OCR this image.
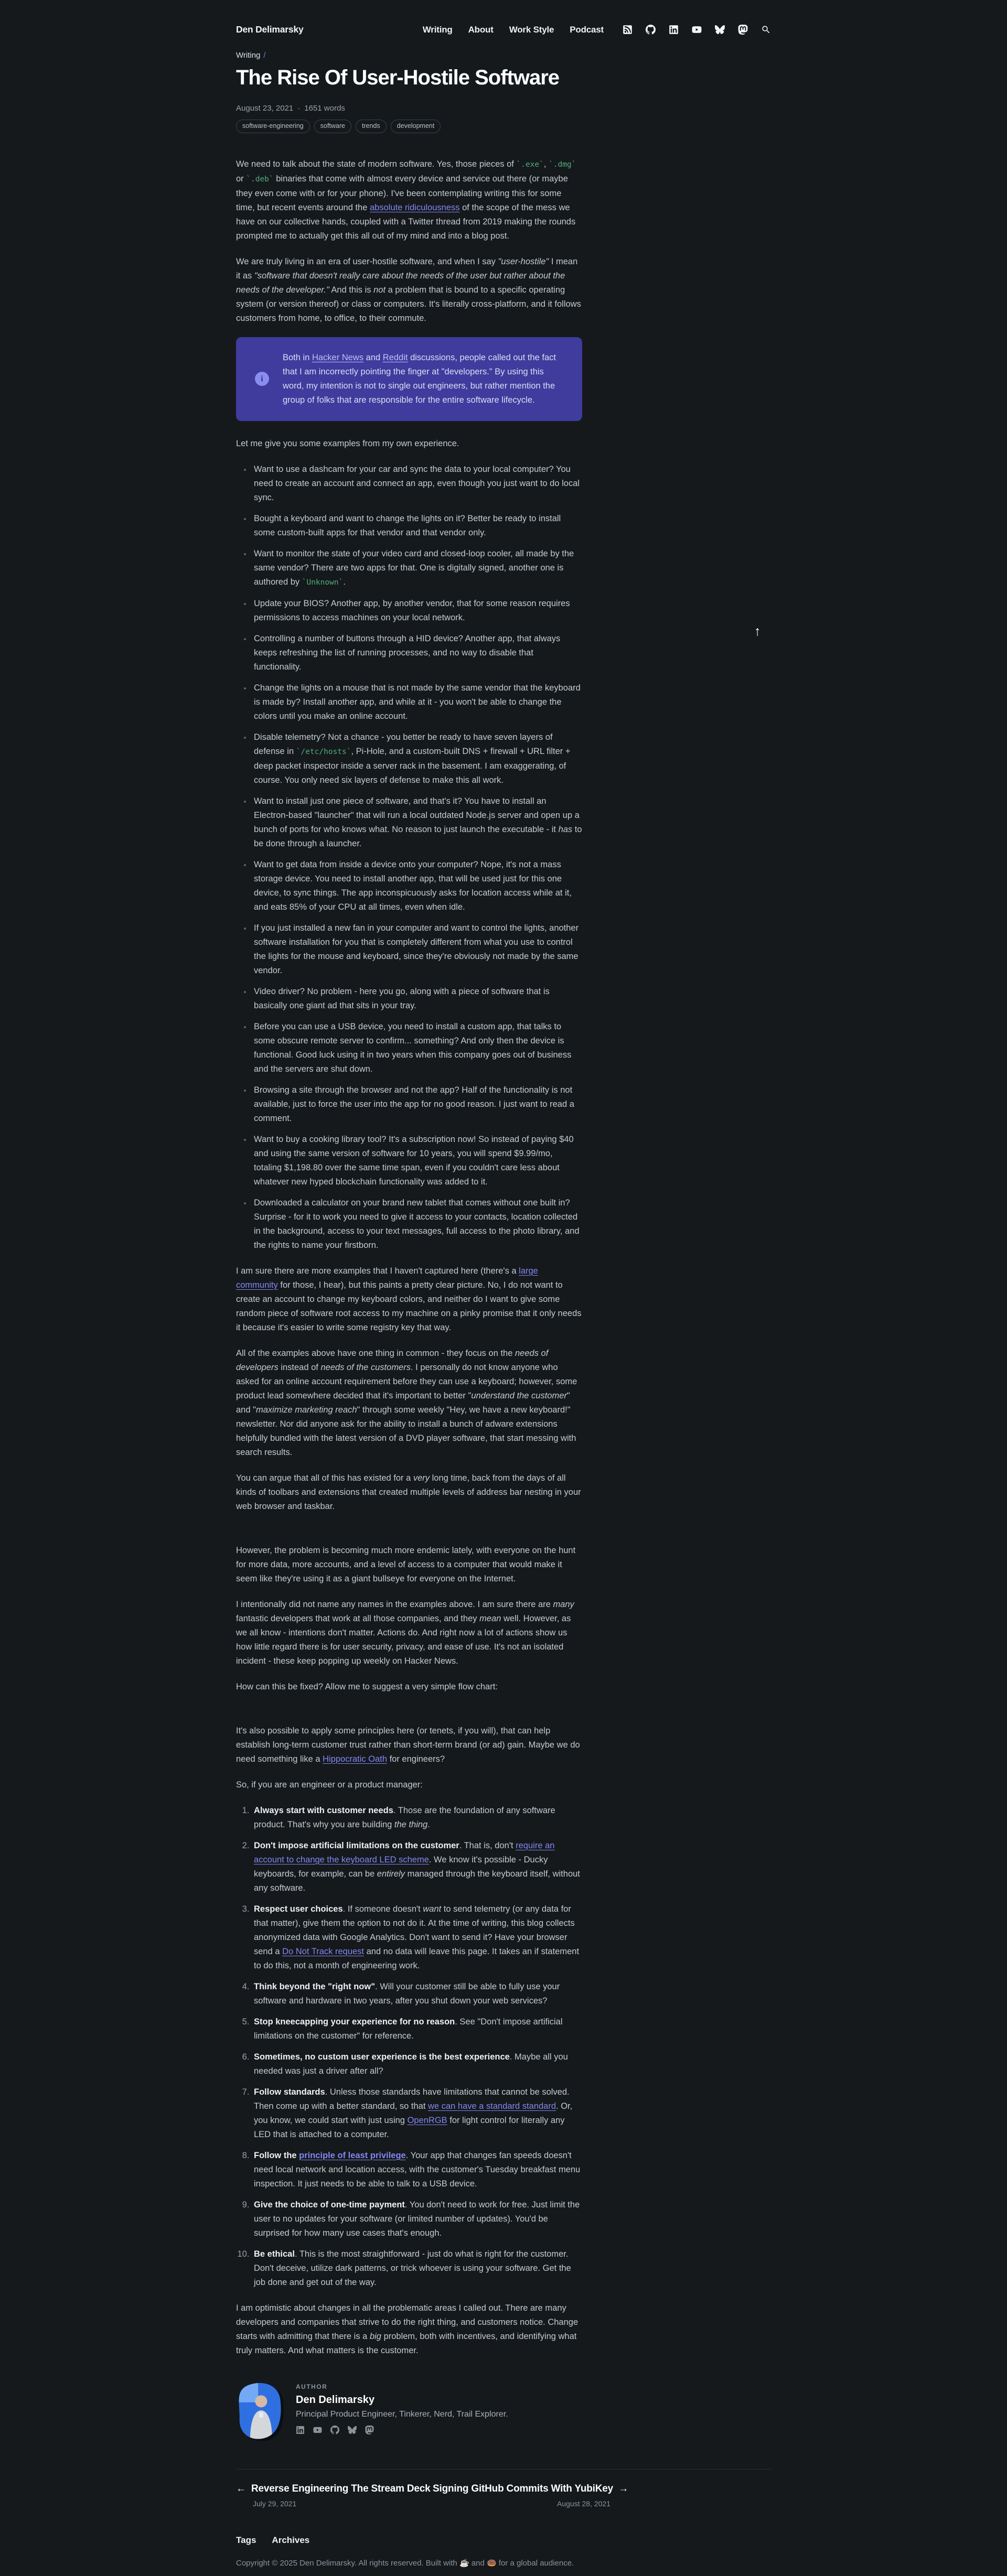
Den Delimarsky	Writing About Work Style Podcast
Writing /
The Rise Of User-Hostile Software
August 23, 2021 · 1651 words
software-engineering	software	trends	development

We need to talk about the state of modern software. Yes, those pieces of `.exe`, `.dmg` or `.deb` binaries that come with almost every device and service out there (or maybe they even come with or for your phone). I've been contemplating writing this for some time, but recent events around the absolute ridiculousness of the scope of the mess we have on our collective hands, coupled with a Twitter thread from 2019 making the rounds prompted me to actually get this all out of my mind and into a blog post.

We are truly living in an era of user-hostile software, and when I say "user-hostile" I mean it as "software that doesn't really care about the needs of the user but rather about the needs of the developer." And this is not a problem that is bound to a specific operating system (or version thereof) or class or computers. It's literally cross-platform, and it follows customers from home, to office, to their commute.

i
Both in Hacker News and Reddit discussions, people called out the fact that I am incorrectly pointing the finger at "developers." By using this word, my intention is not to single out engineers, but rather mention the group of folks that are responsible for the entire software lifecycle.

Let me give you some examples from my own experience.

• Want to use a dashcam for your car and sync the data to your local computer? You need to create an account and connect an app, even though you just want to do local sync.
• Bought a keyboard and want to change the lights on it? Better be ready to install some custom-built apps for that vendor and that vendor only.
• Want to monitor the state of your video card and closed-loop cooler, all made by the same vendor? There are two apps for that. One is digitally signed, another one is authored by `Unknown`.
• Update your BIOS? Another app, by another vendor, that for some reason requires permissions to access machines on your local network.
• Controlling a number of buttons through a HID device? Another app, that always keeps refreshing the list of running processes, and no way to disable that functionality.
• Change the lights on a mouse that is not made by the same vendor that the keyboard is made by? Install another app, and while at it - you won't be able to change the colors until you make an online account.
• Disable telemetry? Not a chance - you better be ready to have seven layers of defense in `/etc/hosts`, Pi-Hole, and a custom-built DNS + firewall + URL filter + deep packet inspector inside a server rack in the basement. I am exaggerating, of course. You only need six layers of defense to make this all work.
• Want to install just one piece of software, and that's it? You have to install an Electron-based "launcher" that will run a local outdated Node.js server and open up a bunch of ports for who knows what. No reason to just launch the executable - it has to be done through a launcher.
• Want to get data from inside a device onto your computer? Nope, it's not a mass storage device. You need to install another app, that will be used just for this one device, to sync things. The app inconspicuously asks for location access while at it, and eats 85% of your CPU at all times, even when idle.
• If you just installed a new fan in your computer and want to control the lights, another software installation for you that is completely different from what you use to control the lights for the mouse and keyboard, since they're obviously not made by the same vendor.
• Video driver? No problem - here you go, along with a piece of software that is basically one giant ad that sits in your tray.
• Before you can use a USB device, you need to install a custom app, that talks to some obscure remote server to confirm... something? And only then the device is functional. Good luck using it in two years when this company goes out of business and the servers are shut down.
• Browsing a site through the browser and not the app? Half of the functionality is not available, just to force the user into the app for no good reason. I just want to read a comment.
• Want to buy a cooking library tool? It's a subscription now! So instead of paying $40 and using the same version of software for 10 years, you will spend $9.99/mo, totaling $1,198.80 over the same time span, even if you couldn't care less about whatever new hyped blockchain functionality was added to it.
• Downloaded a calculator on your brand new tablet that comes without one built in? Surprise - for it to work you need to give it access to your contacts, location collected in the background, access to your text messages, full access to the photo library, and the rights to name your firstborn.

I am sure there are more examples that I haven't captured here (there's a large community for those, I hear), but this paints a pretty clear picture. No, I do not want to create an account to change my keyboard colors, and neither do I want to give some random piece of software root access to my machine on a pinky promise that it only needs it because it's easier to write some registry key that way.

All of the examples above have one thing in common - they focus on the needs of developers instead of needs of the customers. I personally do not know anyone who asked for an online account requirement before they can use a keyboard; however, some product lead somewhere decided that it's important to better "understand the customer" and "maximize marketing reach" through some weekly "Hey, we have a new keyboard!" newsletter. Nor did anyone ask for the ability to install a bunch of adware extensions helpfully bundled with the latest version of a DVD player software, that start messing with search results.

You can argue that all of this has existed for a very long time, back from the days of all kinds of toolbars and extensions that created multiple levels of address bar nesting in your web browser and taskbar.

However, the problem is becoming much more endemic lately, with everyone on the hunt for more data, more accounts, and a level of access to a computer that would make it seem like they're using it as a giant bullseye for everyone on the Internet.

I intentionally did not name any names in the examples above. I am sure there are many fantastic developers that work at all those companies, and they mean well. However, as we all know - intentions don't matter. Actions do. And right now a lot of actions show us how little regard there is for user security, privacy, and ease of use. It's not an isolated incident - these keep popping up weekly on Hacker News.

How can this be fixed? Allow me to suggest a very simple flow chart:

It's also possible to apply some principles here (or tenets, if you will), that can help establish long-term customer trust rather than short-term brand (or ad) gain. Maybe we do need something like a Hippocratic Oath for engineers?

So, if you are an engineer or a product manager:

1. Always start with customer needs. Those are the foundation of any software product. That's why you are building the thing.
2. Don't impose artificial limitations on the customer. That is, don't require an account to change the keyboard LED scheme. We know it's possible - Ducky keyboards, for example, can be entirely managed through the keyboard itself, without any software.
3. Respect user choices. If someone doesn't want to send telemetry (or any data for that matter), give them the option to not do it. At the time of writing, this blog collects anonymized data with Google Analytics. Don't want to send it? Have your browser send a Do Not Track request and no data will leave this page. It takes an if statement to do this, not a month of engineering work.
4. Think beyond the "right now". Will your customer still be able to fully use your software and hardware in two years, after you shut down your web services?
5. Stop kneecapping your experience for no reason. See "Don't impose artificial limitations on the customer" for reference.
6. Sometimes, no custom user experience is the best experience. Maybe all you needed was just a driver after all?
7. Follow standards. Unless those standards have limitations that cannot be solved. Then come up with a better standard, so that we can have a standard standard. Or, you know, we could start with just using OpenRGB for light control for literally any LED that is attached to a computer.
8. Follow the principle of least privilege. Your app that changes fan speeds doesn't need local network and location access, with the customer's Tuesday breakfast menu inspection. It just needs to be able to talk to a USB device.
9. Give the choice of one-time payment. You don't need to work for free. Just limit the user to no updates for your software (or limited number of updates). You'd be surprised for how many use cases that's enough.
10. Be ethical. This is the most straightforward - just do what is right for the customer. Don't deceive, utilize dark patterns, or trick whoever is using your software. Get the job done and get out of the way.

I am optimistic about changes in all the problematic areas I called out. There are many developers and companies that strive to do the right thing, and customers notice. Change starts with admitting that there is a big problem, both with incentives, and identifying what truly matters. And what matters is the customer.

AUTHOR
Den Delimarsky
Principal Product Engineer, Tinkerer, Nerd, Trail Explorer.
← Reverse Engineering The Stream Deck
July 29, 2021
Signing GitHub Commits With YubiKey →
August 28, 2021
Tags Archives
Copyright © 2025 Den Delimarsky. All rights reserved. Built with ☕ and 🍩 for a global audience.
↑
